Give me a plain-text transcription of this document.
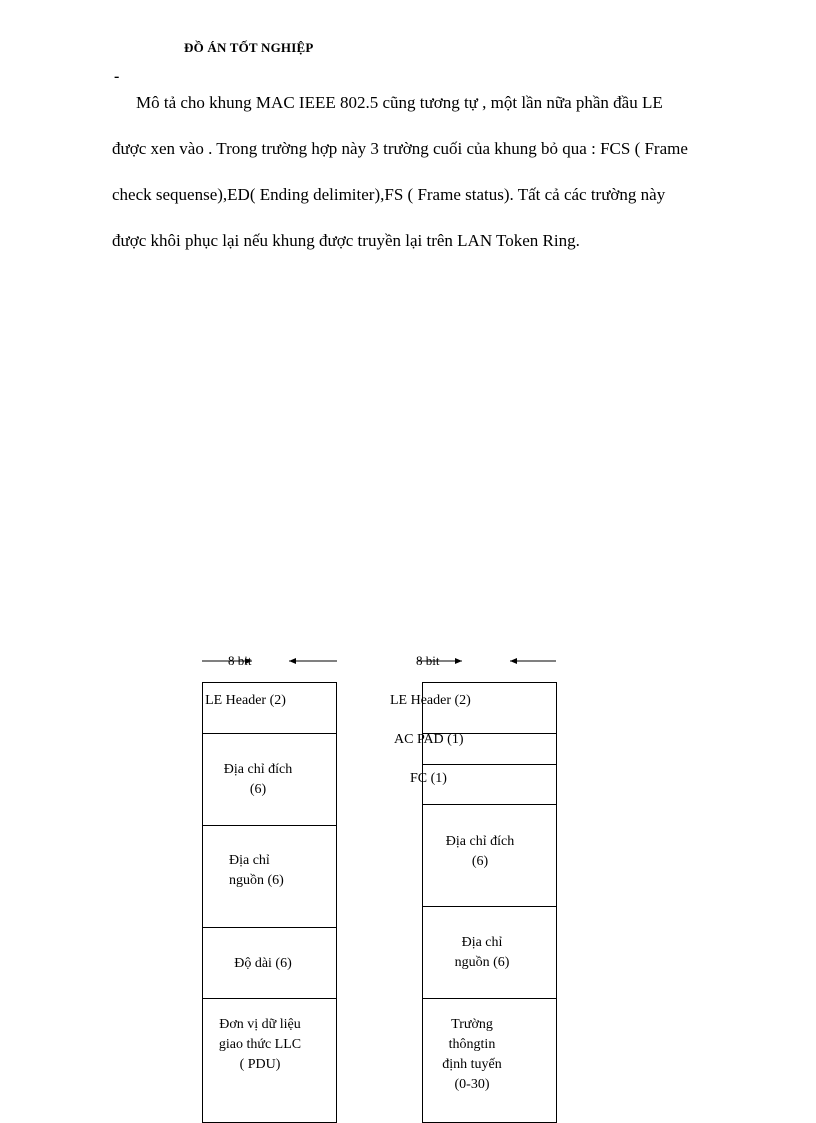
ĐỒ ÁN TỐT NGHIỆP
-
Mô tả cho khung MAC IEEE 802.5 cũng tương tự , một lần nữa phần đầu LE
được xen vào . Trong trường hợp này 3 trường cuối của khung bỏ qua : FCS ( Frame
check sequense),ED( Ending delimiter),FS ( Frame status). Tất cả các trường này
được khôi phục lại nếu khung được truyền lại trên LAN Token Ring.
8 bit	8 bit
LE Header (2)
Địa chỉ đích
(6)
Địa chỉ
nguồn (6)
Độ dài (6)
Đơn vị dữ liệu
giao thức LLC
( PDU)
LE Header (2)
AC PAD (1)
FC (1)
Địa chỉ đích
(6)
Địa chỉ
nguồn (6)
Trường
thôngtin
định tuyến
(0-30)
